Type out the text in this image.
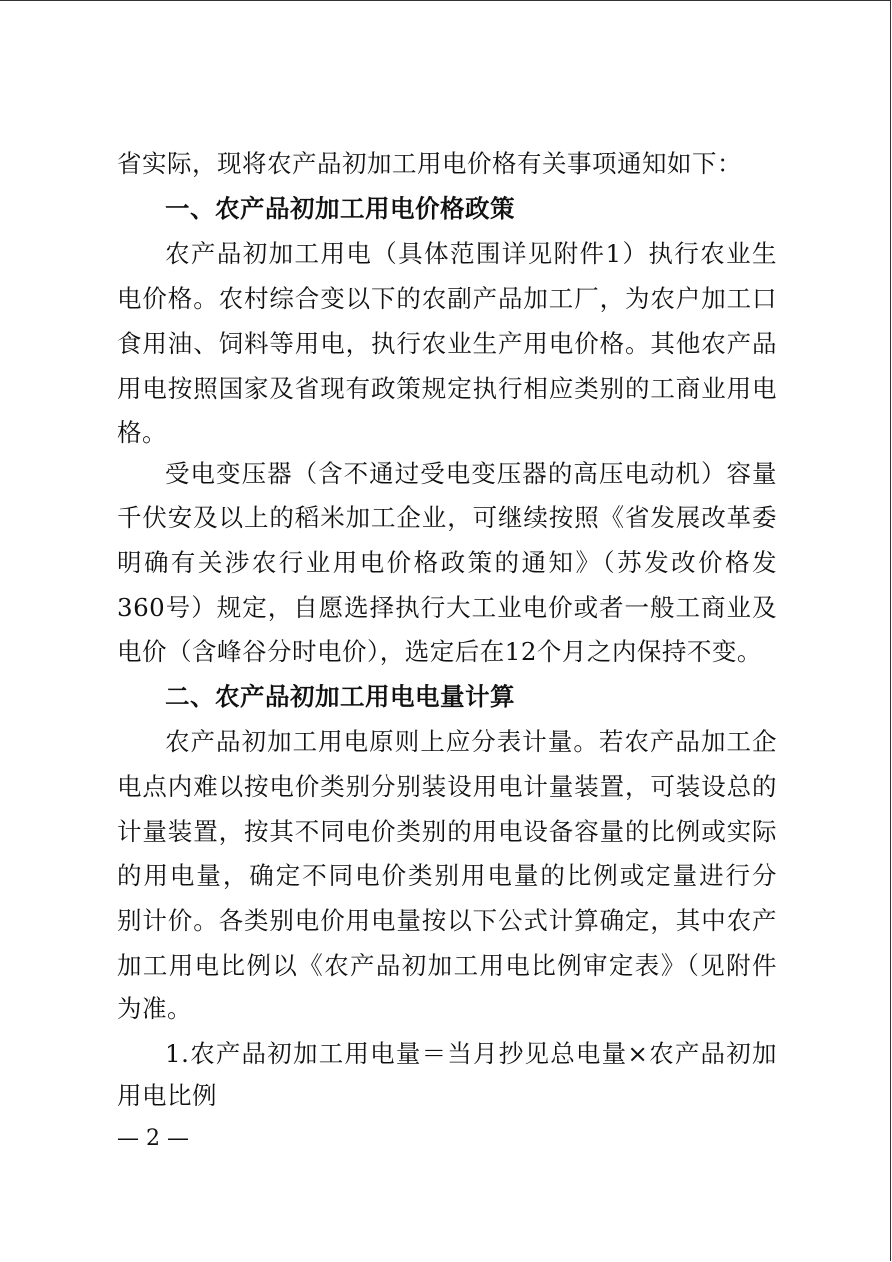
省实际，现将农产品初加工用电价格有关事项通知如下：
一、农产品初加工用电价格政策
农产品初加工用电（具体范围详见附件1）执行农业生
电价格。农村综合变以下的农副产品加工厂，为农户加工口
食用油、饲料等用电，执行农业生产用电价格。其他农产品
用电按照国家及省现有政策规定执行相应类别的工商业用电
格。
受电变压器（含不通过受电变压器的高压电动机）容量
千伏安及以上的稻米加工企业，可继续按照《省发展改革委
明确有关涉农行业用电价格政策的通知》（苏发改价格发
360号）规定，自愿选择执行大工业电价或者一般工商业及
电价（含峰谷分时电价），选定后在12个月之内保持不变。
二、农产品初加工用电电量计算
农产品初加工用电原则上应分表计量。若农产品加工企
电点内难以按电价类别分别装设用电计量装置，可装设总的
计量装置，按其不同电价类别的用电设备容量的比例或实际
的用电量，确定不同电价类别用电量的比例或定量进行分
别计价。各类别电价用电量按以下公式计算确定，其中农产
加工用电比例以《农产品初加工用电比例审定表》（见附件
为准。
1.农产品初加工用电量＝当月抄见总电量×农产品初加
用电比例
— 2 —
